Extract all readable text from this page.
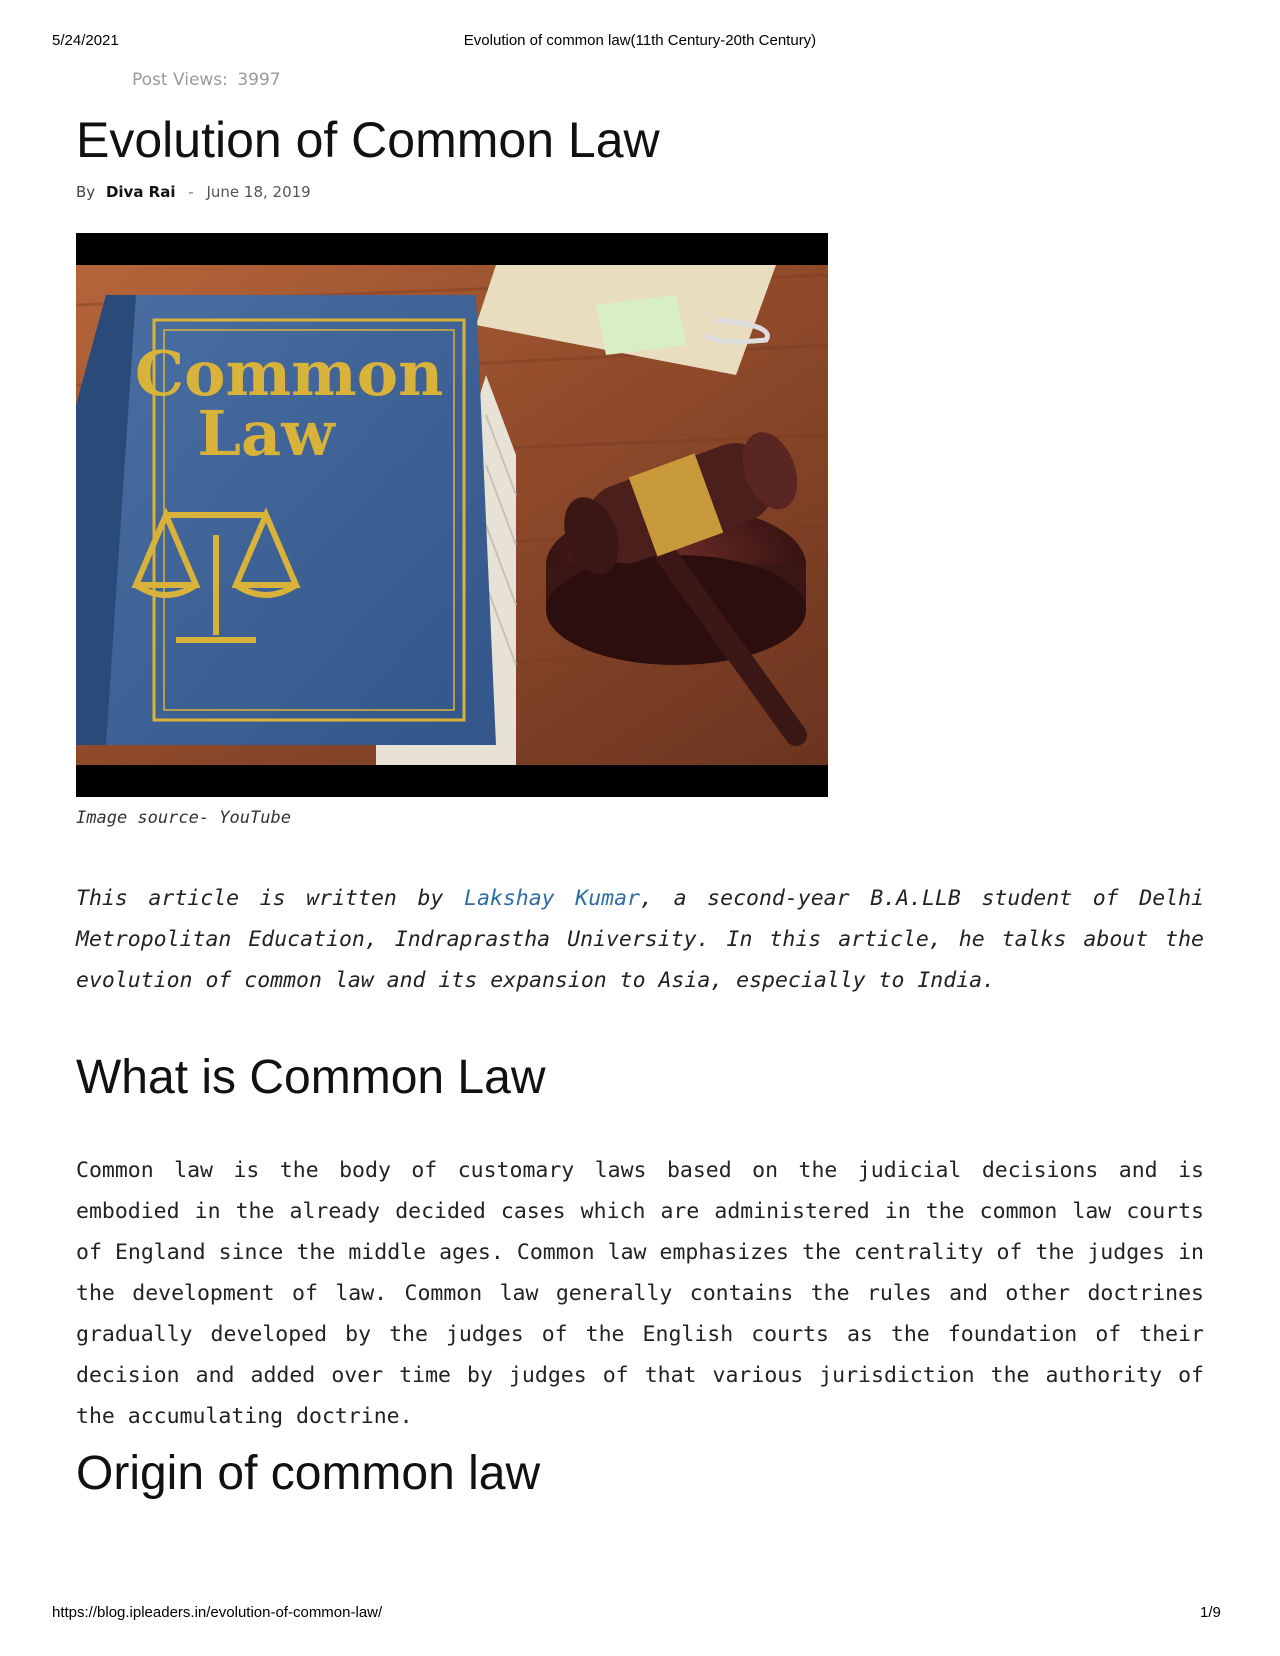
5/24/2021	Evolution of common law(11th Century-20th Century)
Post Views: 3997
Evolution of Common Law
By Diva Rai - June 18, 2019
Common
Law
Image source- YouTube

This article is written by Lakshay Kumar, a second-year B.A.LLB student of Delhi Metropolitan Education, Indraprastha University. In this article, he talks about the evolution of common law and its expansion to Asia, especially to India.

What is Common Law

Common law is the body of customary laws based on the judicial decisions and is embodied in the already decided cases which are administered in the common law courts of England since the middle ages. Common law emphasizes the centrality of the judges in the development of law. Common law generally contains the rules and other doctrines gradually developed by the judges of the English courts as the foundation of their decision and added over time by judges of that various jurisdiction the authority of the accumulating doctrine.

Origin of common law
https://blog.ipleaders.in/evolution-of-common-law/	1/9
